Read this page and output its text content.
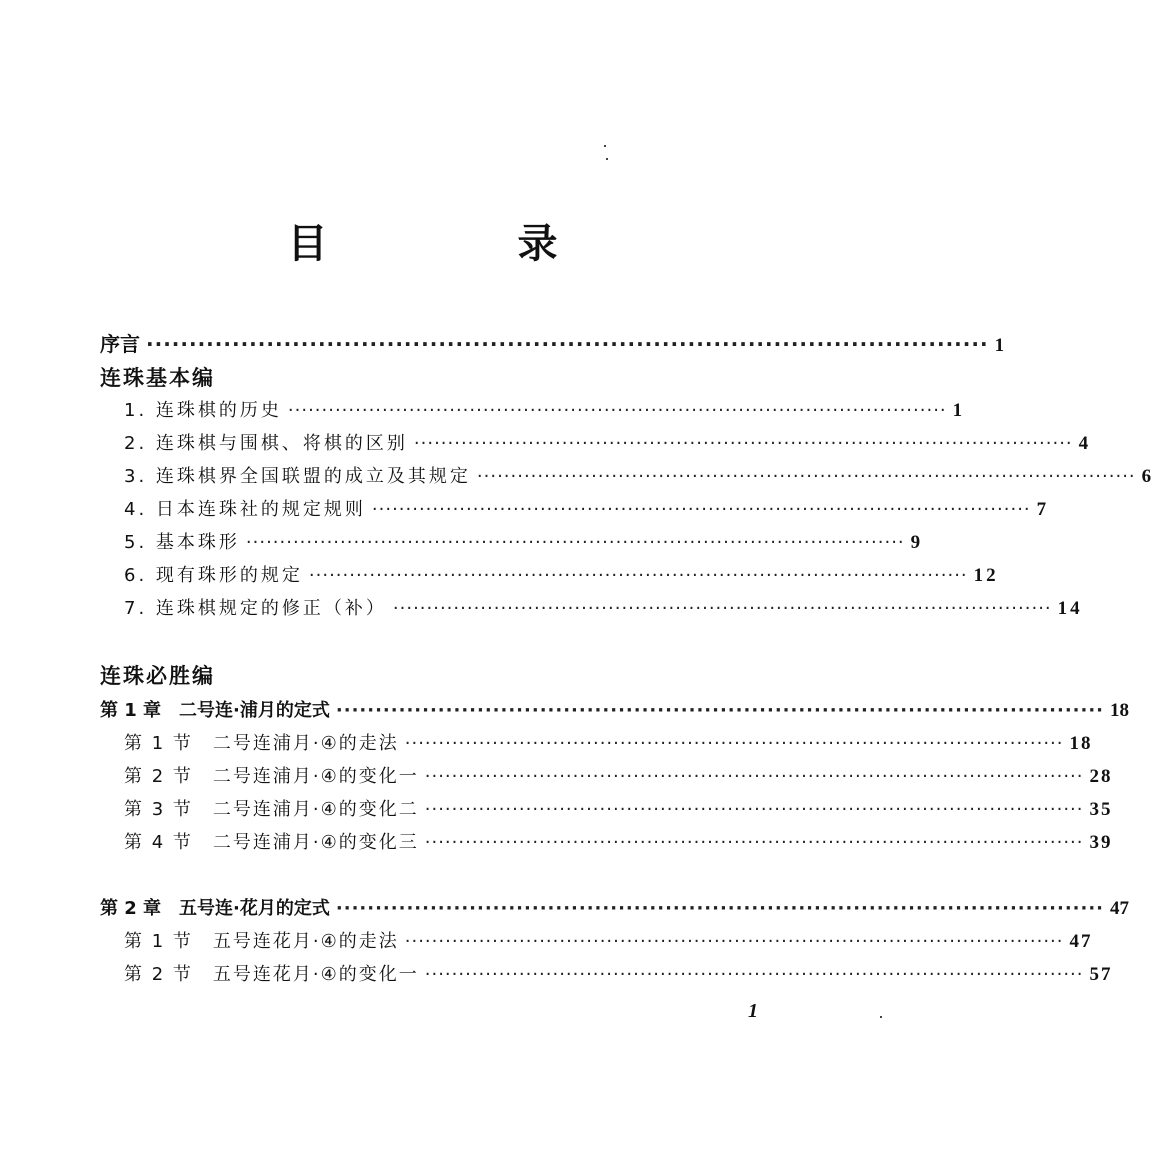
目 录
序言 ·································································································· 1
连珠基本编
1. 连珠棋的历史 ·································································································· 1
2. 连珠棋与围棋、将棋的区别 ·································································································· 4
3. 连珠棋界全国联盟的成立及其规定 ·································································································· 6
4. 日本连珠社的规定规则 ·································································································· 7
5. 基本珠形 ·································································································· 9
6. 现有珠形的规定 ·································································································· 12
7. 连珠棋规定的修正（补） ·································································································· 14
连珠必胜编
第 1 章　二号连·浦月的定式 ·································································································· 18
第 1 节　二号连浦月·④的走法 ·································································································· 18
第 2 节　二号连浦月·④的变化一 ·································································································· 28
第 3 节　二号连浦月·④的变化二 ·································································································· 35
第 4 节　二号连浦月·④的变化三 ·································································································· 39
第 2 章　五号连·花月的定式 ·································································································· 47
第 1 节　五号连花月·④的走法 ·································································································· 47
第 2 节　五号连花月·④的变化一 ·································································································· 57
1
